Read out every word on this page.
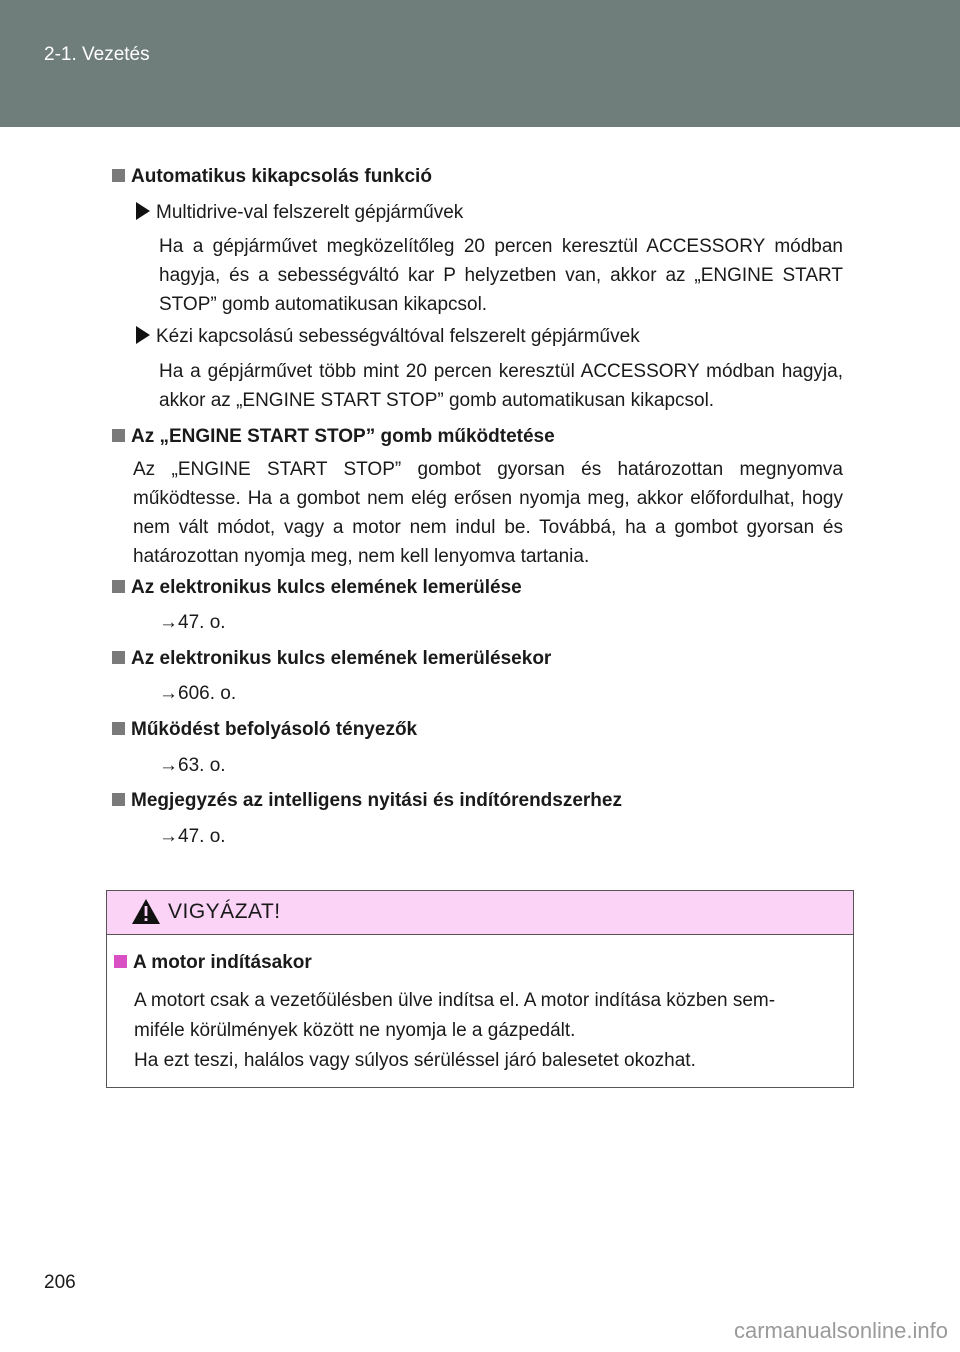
2-1. Vezetés
Automatikus kikapcsolás funkció
Multidrive-val felszerelt gépjárművek
Ha a gépjárművet megközelítőleg 20 percen keresztül ACCESSORY módban hagyja, és a sebességváltó kar P helyzetben van, akkor az „ENGINE START STOP” gomb automatikusan kikapcsol.
Kézi kapcsolású sebességváltóval felszerelt gépjárművek
Ha a gépjárművet több mint 20 percen keresztül ACCESSORY módban hagyja, akkor az „ENGINE START STOP” gomb automatikusan kikapcsol.
Az „ENGINE START STOP” gomb működtetése
Az „ENGINE START STOP” gombot gyorsan és határozottan megnyomva működtesse. Ha a gombot nem elég erősen nyomja meg, akkor előfordulhat, hogy nem vált módot, vagy a motor nem indul be. Továbbá, ha a gombot gyorsan és határozottan nyomja meg, nem kell lenyomva tartania.
Az elektronikus kulcs elemének lemerülése
→47. o.
Az elektronikus kulcs elemének lemerülésekor
→606. o.
Működést befolyásoló tényezők
→63. o.
Megjegyzés az intelligens nyitási és indítórendszerhez
→47. o.
VIGYÁZAT!
A motor indításakor
A motort csak a vezetőülésben ülve indítsa el. A motor indítása közben sem-
miféle körülmények között ne nyomja le a gázpedált.
Ha ezt teszi, halálos vagy súlyos sérüléssel járó balesetet okozhat.
206
carmanualsonline.info
